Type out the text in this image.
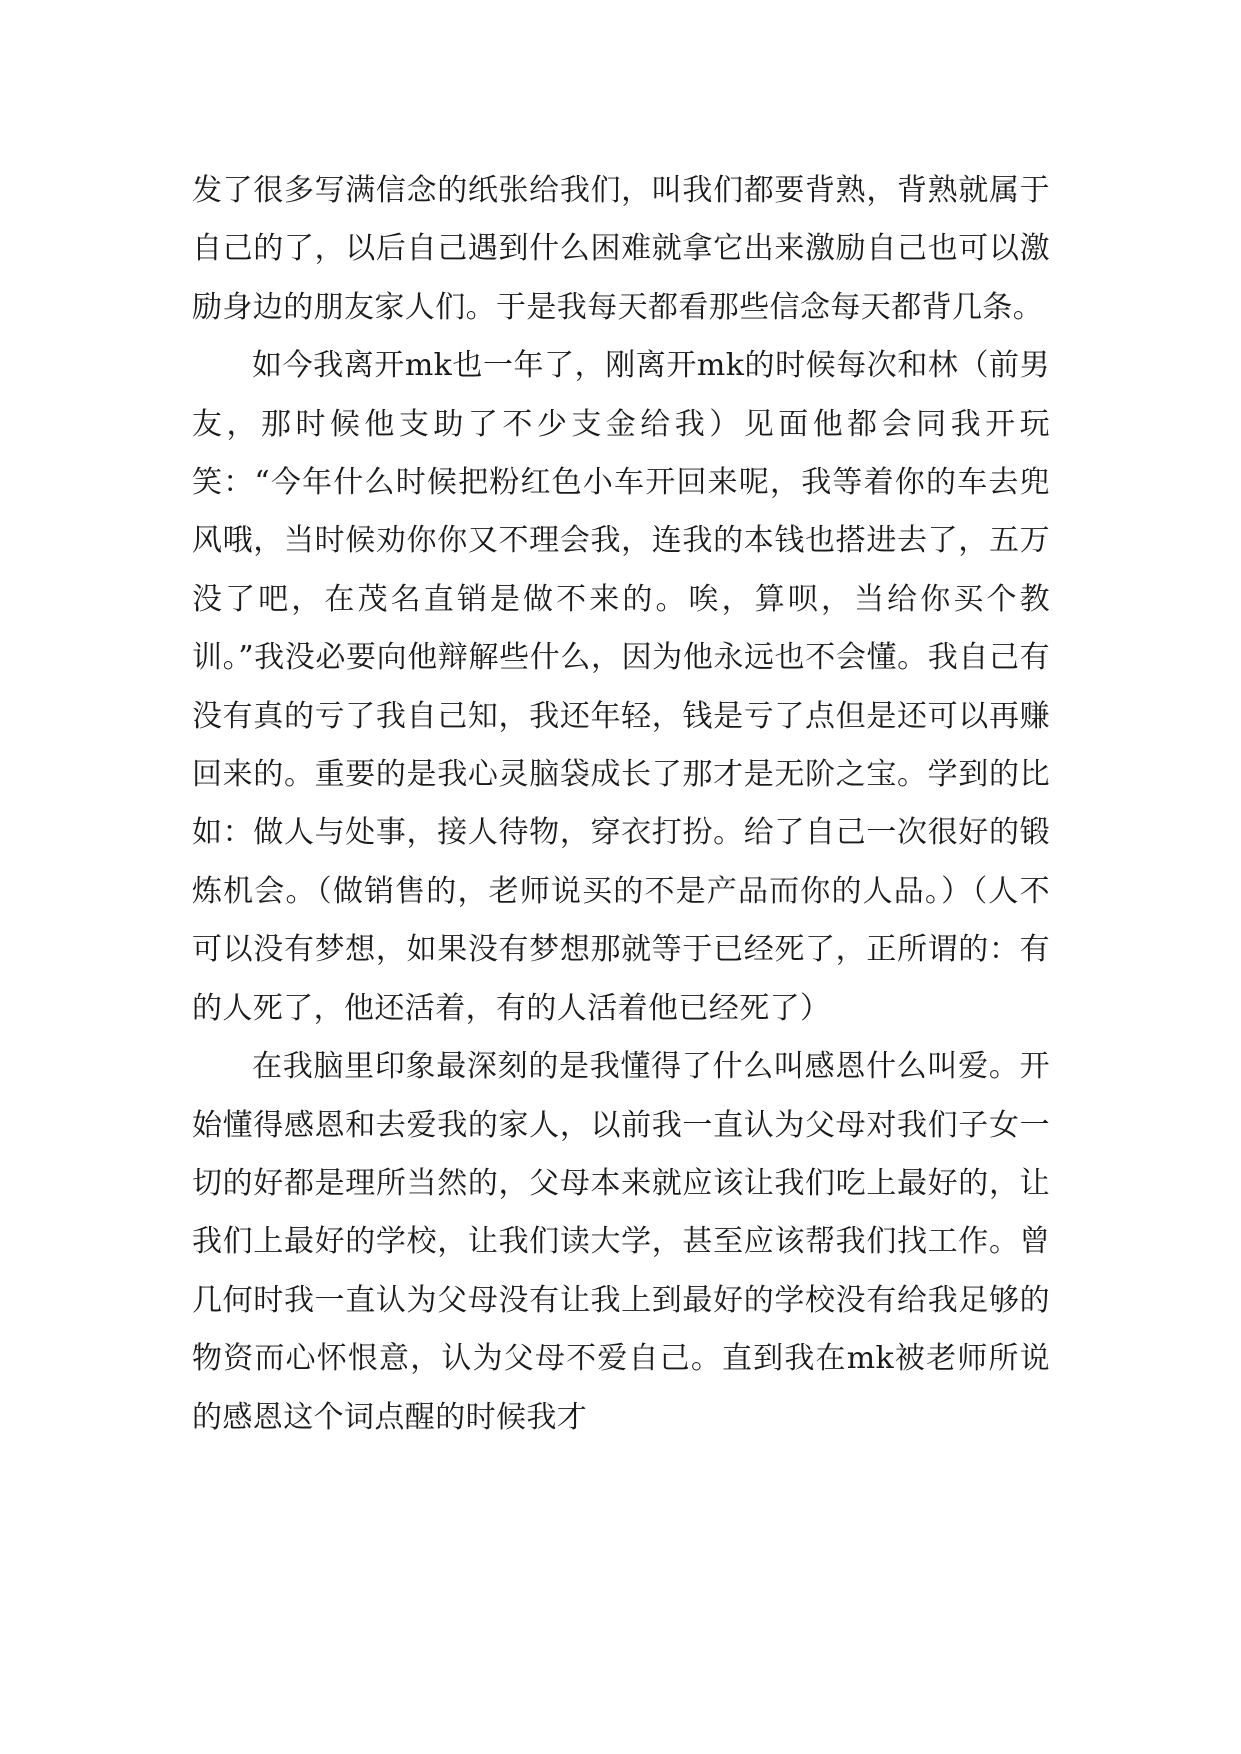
发了很多写满信念的纸张给我们，叫我们都要背熟，背熟就属于自己的了，以后自己遇到什么困难就拿它出来激励自己也可以激励身边的朋友家人们。于是我每天都看那些信念每天都背几条。

如今我离开mk也一年了，刚离开mk的时候每次和林（前男友，那时候他支助了不少支金给我）见面他都会同我开玩笑：“今年什么时候把粉红色小车开回来呢，我等着你的车去兜风哦，当时候劝你你又不理会我，连我的本钱也搭进去了，五万没了吧，在茂名直销是做不来的。唉，算呗，当给你买个教训。”我没必要向他辩解些什么，因为他永远也不会懂。我自己有没有真的亏了我自己知，我还年轻，钱是亏了点但是还可以再赚回来的。重要的是我心灵脑袋成长了那才是无阶之宝。学到的比如：做人与处事，接人待物，穿衣打扮。给了自己一次很好的锻炼机会。（做销售的，老师说买的不是产品而你的人品。）（人不可以没有梦想，如果没有梦想那就等于已经死了，正所谓的：有的人死了，他还活着，有的人活着他已经死了）

在我脑里印象最深刻的是我懂得了什么叫感恩什么叫爱。开始懂得感恩和去爱我的家人，以前我一直认为父母对我们子女一切的好都是理所当然的，父母本来就应该让我们吃上最好的，让我们上最好的学校，让我们读大学，甚至应该帮我们找工作。曾几何时我一直认为父母没有让我上到最好的学校没有给我足够的物资而心怀恨意，认为父母不爱自己。直到我在mk被老师所说的感恩这个词点醒的时候我才
